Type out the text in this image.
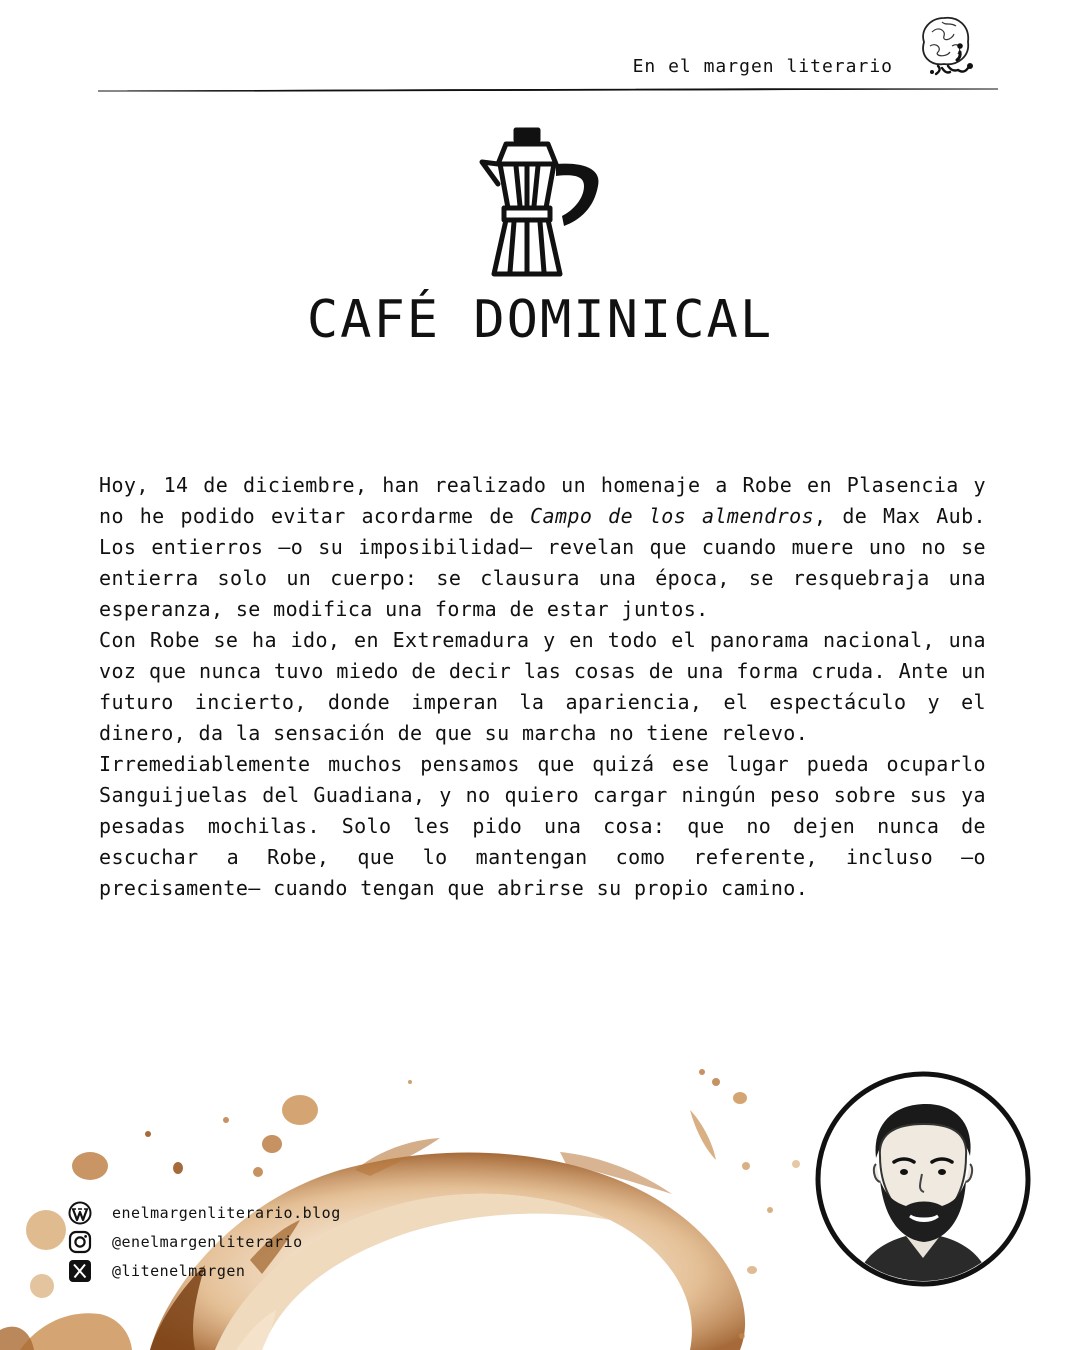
En el margen literario
CAFÉ DOMINICAL

Hoy, 14 de diciembre, han realizado un homenaje a Robe en Plasencia y no he podido evitar acordarme de Campo de los almendros, de Max Aub. Los entierros —o su imposibilidad— revelan que cuando muere uno no se entierra solo un cuerpo: se clausura una época, se resquebraja una esperanza, se modifica una forma de estar juntos.

Con Robe se ha ido, en Extremadura y en todo el panorama nacional, una voz que nunca tuvo miedo de decir las cosas de una forma cruda. Ante un futuro incierto, donde imperan la apariencia, el espectáculo y el dinero, da la sensación de que su marcha no tiene relevo.

Irremediablemente muchos pensamos que quizá ese lugar pueda ocuparlo Sanguijuelas del Guadiana, y no quiero cargar ningún peso sobre sus ya pesadas mochilas. Solo les pido una cosa: que no dejen nunca de escuchar a Robe, que lo mantengan como referente, incluso —o precisamente— cuando tengan que abrirse su propio camino.

enelmargenliterario.blog
@enelmargenliterario
@litenelmargen
